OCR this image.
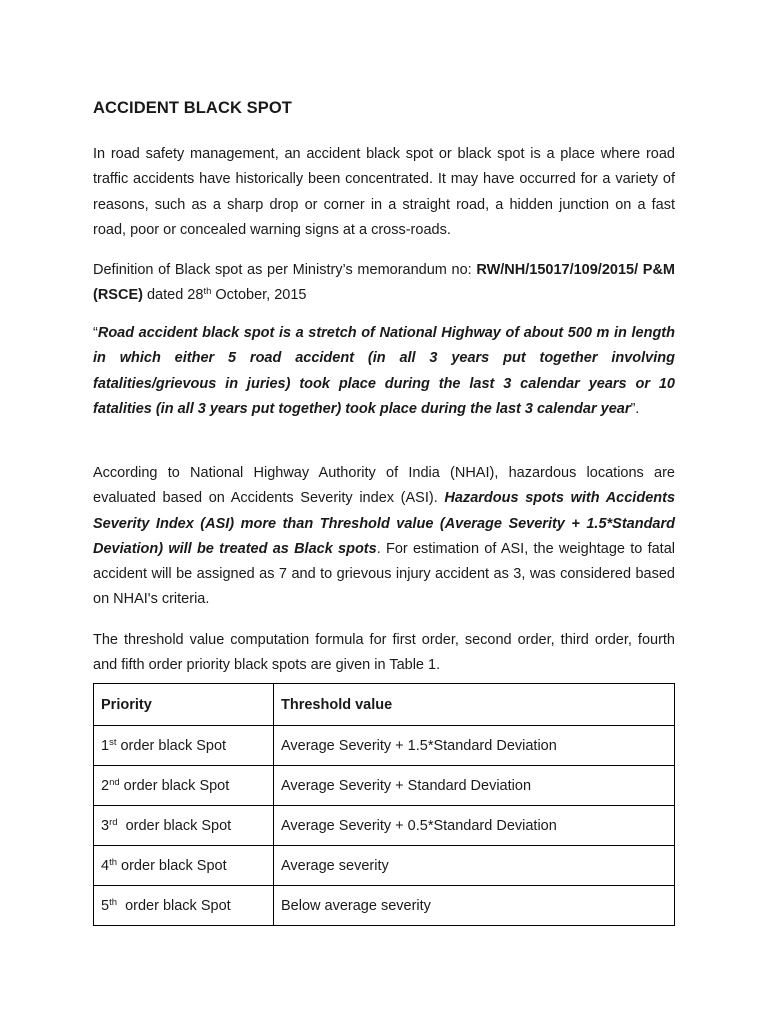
ACCIDENT BLACK SPOT

In road safety management, an accident black spot or black spot is a place where road traffic accidents have historically been concentrated. It may have occurred for a variety of reasons, such as a sharp drop or corner in a straight road, a hidden junction on a fast road, poor or concealed warning signs at a cross-roads.

Definition of Black spot as per Ministry’s memorandum no: RW/NH/15017/109/2015/ P&M (RSCE) dated 28th October, 2015

“Road accident black spot is a stretch of National Highway of about 500 m in length in which either 5 road accident (in all 3 years put together involving fatalities/grievous in juries) took place during the last 3 calendar years or 10 fatalities (in all 3 years put together) took place during the last 3 calendar year”.

According to National Highway Authority of India (NHAI), hazardous locations are evaluated based on Accidents Severity index (ASI). Hazardous spots with Accidents Severity Index (ASI) more than Threshold value (Average Severity + 1.5*Standard Deviation) will be treated as Black spots. For estimation of ASI, the weightage to fatal accident will be assigned as 7 and to grievous injury accident as 3, was considered based on NHAI's criteria.

The threshold value computation formula for first order, second order, third order, fourth and fifth order priority black spots are given in Table 1.

Priority	Threshold value
1st order black Spot	Average Severity + 1.5*Standard Deviation
2nd order black Spot	Average Severity + Standard Deviation
3rd  order black Spot	Average Severity + 0.5*Standard Deviation
4th order black Spot	Average severity
5th  order black Spot	Below average severity
